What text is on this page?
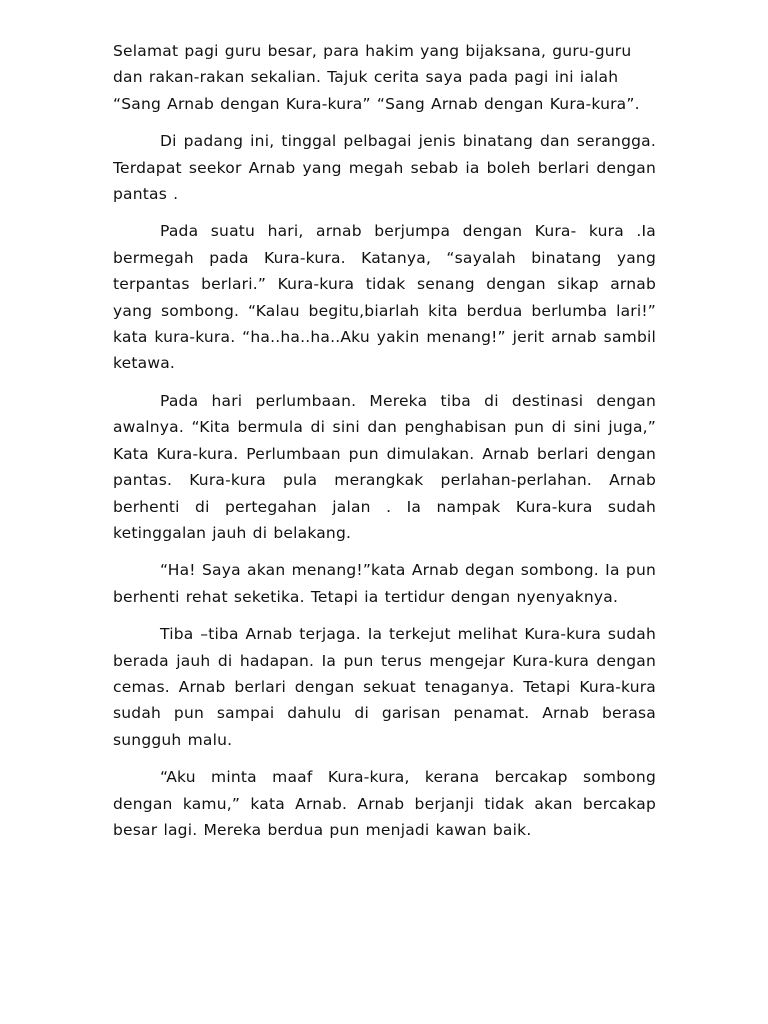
Selamat pagi guru besar, para hakim yang bijaksana, guru-guru dan rakan-rakan sekalian. Tajuk cerita saya pada pagi ini ialah “Sang Arnab dengan Kura-kura” “Sang Arnab dengan Kura-kura”.

Di padang ini, tinggal pelbagai jenis binatang dan serangga. Terdapat seekor Arnab yang megah sebab ia boleh berlari dengan pantas .

Pada suatu hari, arnab berjumpa dengan Kura- kura .Ia bermegah pada Kura-kura. Katanya, “sayalah binatang yang terpantas berlari.” Kura-kura tidak senang dengan sikap arnab yang sombong. “Kalau begitu,biarlah kita berdua berlumba lari!” kata kura-kura. “ha..ha..ha..Aku yakin menang!” jerit arnab sambil ketawa.

Pada hari perlumbaan. Mereka tiba di destinasi dengan awalnya. “Kita bermula di sini dan penghabisan pun di sini juga,” Kata Kura-kura. Perlumbaan pun dimulakan. Arnab berlari dengan pantas. Kura-kura pula merangkak perlahan-perlahan. Arnab berhenti di pertegahan jalan . Ia nampak Kura-kura sudah ketinggalan jauh di belakang.

“Ha! Saya akan menang!”kata Arnab degan sombong. Ia pun berhenti rehat seketika. Tetapi ia tertidur dengan nyenyaknya.

Tiba –tiba Arnab terjaga. Ia terkejut melihat Kura-kura sudah berada jauh di hadapan. Ia pun terus mengejar Kura-kura dengan cemas. Arnab berlari dengan sekuat tenaganya. Tetapi Kura-kura sudah pun sampai dahulu di garisan penamat. Arnab berasa sungguh malu.

“Aku minta maaf Kura-kura, kerana bercakap sombong dengan kamu,” kata Arnab. Arnab berjanji tidak akan bercakap besar lagi. Mereka berdua pun menjadi kawan baik.
